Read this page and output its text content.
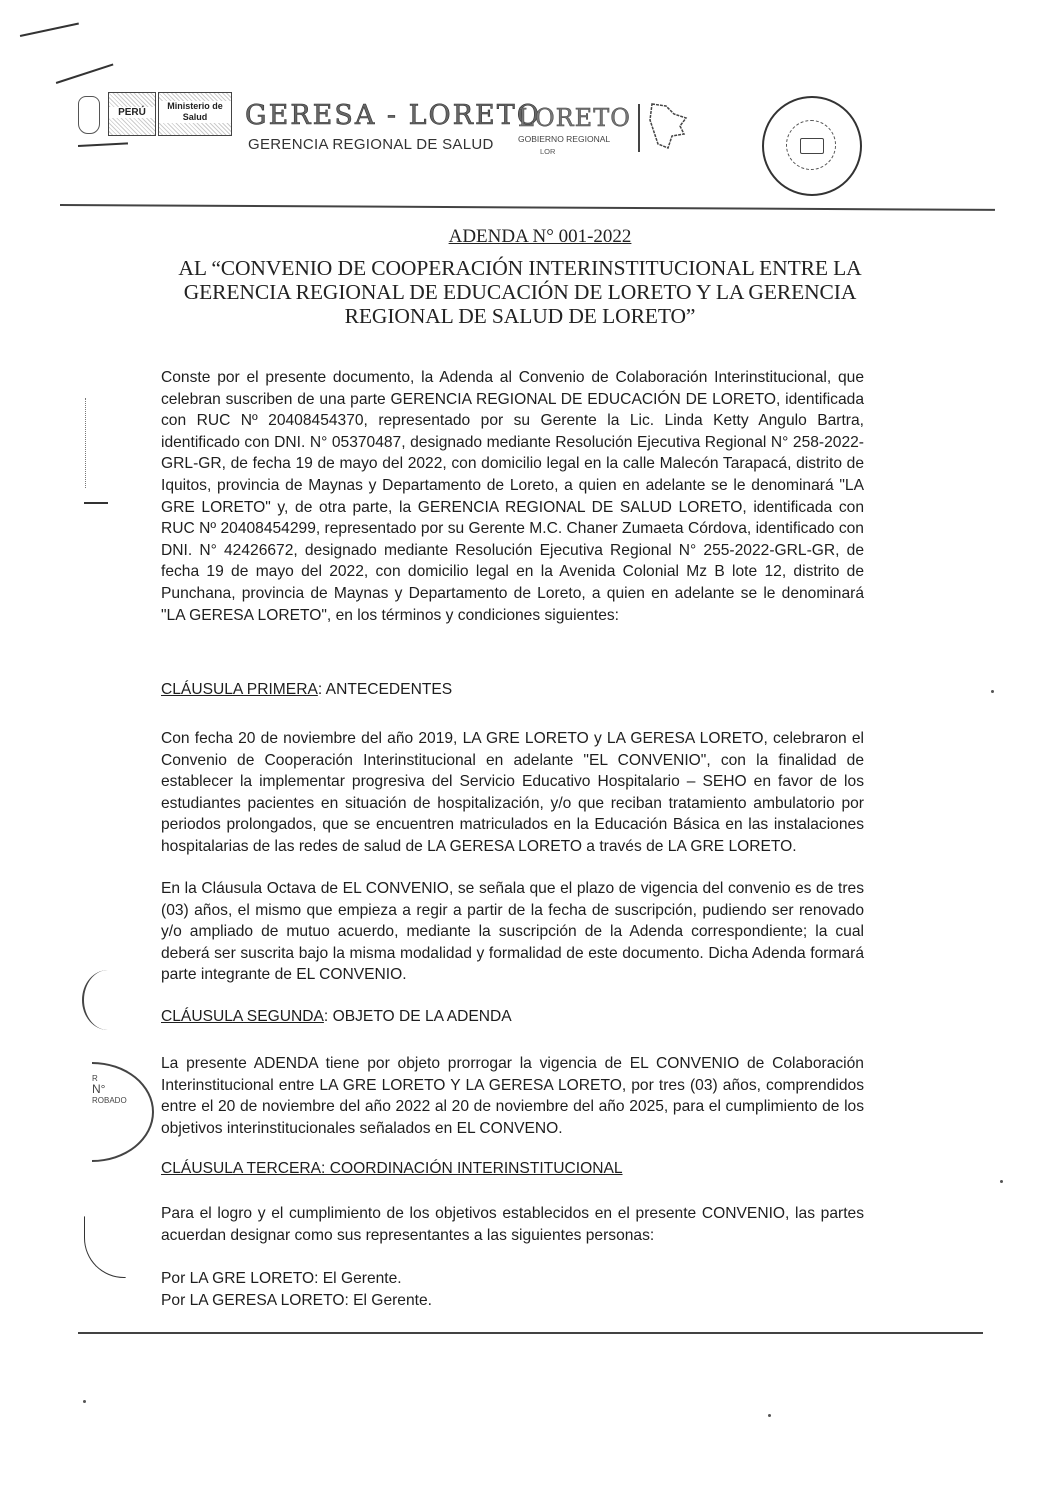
PERÚ
Ministerio de Salud	GERESA - LORETO
GERENCIA REGIONAL DE SALUD
LORETO
GOBIERNO REGIONAL
LOR
ADENDA N° 001-2022
AL “CONVENIO DE COOPERACIÓN INTERINSTITUCIONAL ENTRE LA GERENCIA REGIONAL DE EDUCACIÓN DE LORETO Y LA GERENCIA REGIONAL DE SALUD DE LORETO”
Conste por el presente documento, la Adenda al Convenio de Colaboración Interinstitucional, que celebran suscriben de una parte GERENCIA REGIONAL DE EDUCACIÓN DE LORETO, identificada con RUC Nº 20408454370, representado por su Gerente la Lic. Linda Ketty Angulo Bartra, identificado con DNI. N° 05370487, designado mediante Resolución Ejecutiva Regional N° 258-2022-GRL-GR, de fecha 19 de mayo del 2022, con domicilio legal en la calle Malecón Tarapacá, distrito de Iquitos, provincia de Maynas y Departamento de Loreto, a quien en adelante se le denominará "LA GRE LORETO" y, de otra parte, la GERENCIA REGIONAL DE SALUD LORETO, identificada con RUC Nº 20408454299, representado por su Gerente M.C. Chaner Zumaeta Córdova, identificado con DNI. N° 42426672, designado mediante Resolución Ejecutiva Regional N° 255-2022-GRL-GR, de fecha 19 de mayo del 2022, con domicilio legal en la Avenida Colonial Mz B lote 12, distrito de Punchana, provincia de Maynas y Departamento de Loreto, a quien en adelante se le denominará "LA GERESA LORETO", en los términos y condiciones siguientes:
CLÁUSULA PRIMERA: ANTECEDENTES
Con fecha 20 de noviembre del año 2019, LA GRE LORETO y LA GERESA LORETO, celebraron el Convenio de Cooperación Interinstitucional en adelante "EL CONVENIO", con la finalidad de establecer la implementar progresiva del Servicio Educativo Hospitalario – SEHO en favor de los estudiantes pacientes en situación de hospitalización, y/o que reciban tratamiento ambulatorio por periodos prolongados, que se encuentren matriculados en la Educación Básica en las instalaciones hospitalarias de las redes de salud de LA GERESA LORETO a través de LA GRE LORETO.
En la Cláusula Octava de EL CONVENIO, se señala que el plazo de vigencia del convenio es de tres (03) años, el mismo que empieza a regir a partir de la fecha de suscripción, pudiendo ser renovado y/o ampliado de mutuo acuerdo, mediante la suscripción de la Adenda correspondiente; la cual deberá ser suscrita bajo la misma modalidad y formalidad de este documento. Dicha Adenda formará parte integrante de EL CONVENIO.
CLÁUSULA SEGUNDA: OBJETO DE LA ADENDA
La presente ADENDA tiene por objeto prorrogar la vigencia de EL CONVENIO de Colaboración Interinstitucional entre LA GRE LORETO Y LA GERESA LORETO, por tres (03) años, comprendidos entre el 20 de noviembre del año 2022 al 20 de noviembre del año 2025, para el cumplimiento de los objetivos interinstitucionales señalados en EL CONVENO.
CLÁUSULA TERCERA: COORDINACIÓN INTERINSTITUCIONAL
Para el logro y el cumplimiento de los objetivos establecidos en el presente CONVENIO, las partes acuerdan designar como sus representantes a las siguientes personas:
Por LA GRE LORETO: El Gerente.
Por LA GERESA LORETO: El Gerente.
R
N°
ROBADO
